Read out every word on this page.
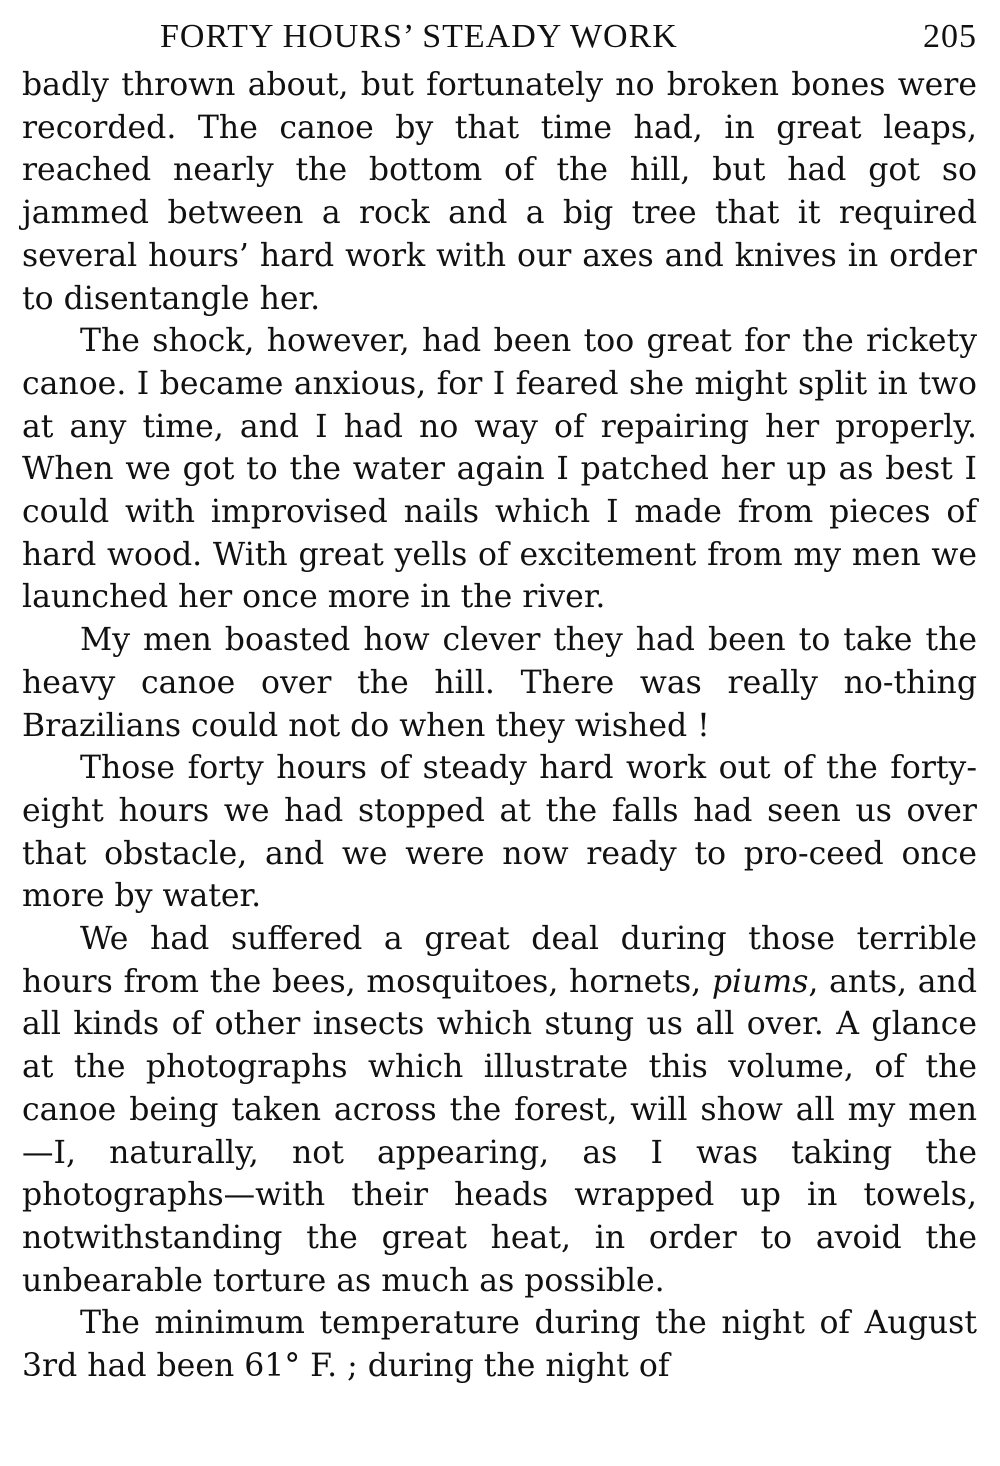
FORTY HOURS’ STEADY WORK	205

badly thrown about, but fortunately no broken bones were recorded. The canoe by that time had, in great leaps, reached nearly the bottom of the hill, but had got so jammed between a rock and a big tree that it required several hours’ hard work with our axes and knives in order to disentangle her.

The shock, however, had been too great for the rickety canoe. I became anxious, for I feared she might split in two at any time, and I had no way of repairing her properly. When we got to the water again I patched her up as best I could with improvised nails which I made from pieces of hard wood. With great yells of excitement from my men we launched her once more in the river.

My men boasted how clever they had been to take the heavy canoe over the hill. There was really no-thing Brazilians could not do when they wished !

Those forty hours of steady hard work out of the forty-eight hours we had stopped at the falls had seen us over that obstacle, and we were now ready to pro-ceed once more by water.

We had suffered a great deal during those terrible hours from the bees, mosquitoes, hornets, piums, ants, and all kinds of other insects which stung us all over. A glance at the photographs which illustrate this volume, of the canoe being taken across the forest, will show all my men—I, naturally, not appearing, as I was taking the photographs—with their heads wrapped up in towels, notwithstanding the great heat, in order to avoid the unbearable torture as much as possible.

The minimum temperature during the night of August 3rd had been 61° F. ; during the night of
